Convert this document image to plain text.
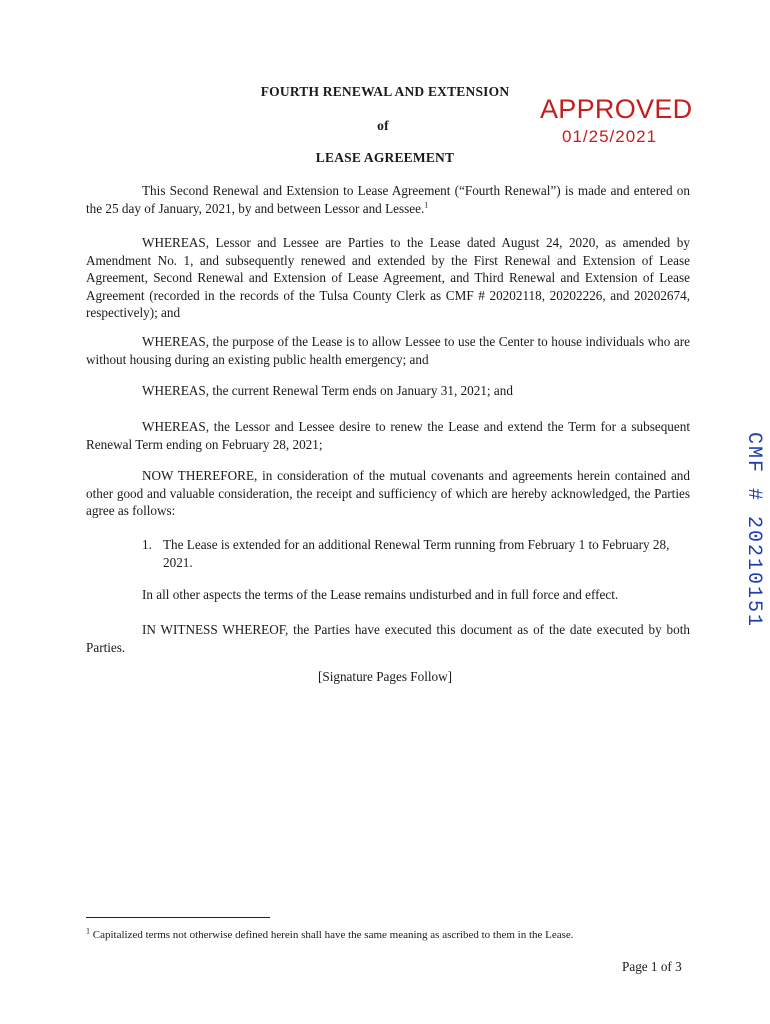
FOURTH RENEWAL AND EXTENSION
of
LEASE AGREEMENT
APPROVED
01/25/2021
CMF # 20210151
This Second Renewal and Extension to Lease Agreement (“Fourth Renewal”) is made and entered on the 25 day of January, 2021, by and between Lessor and Lessee.$^1$
WHEREAS, Lessor and Lessee are Parties to the Lease dated August 24, 2020, as amended by Amendment No. 1, and subsequently renewed and extended by the First Renewal and Extension of Lease Agreement, Second Renewal and Extension of Lease Agreement, and Third Renewal and Extension of Lease Agreement (recorded in the records of the Tulsa County Clerk as CMF # 20202118, 20202226, and 20202674, respectively); and
WHEREAS, the purpose of the Lease is to allow Lessee to use the Center to house individuals who are without housing during an existing public health emergency; and
WHEREAS, the current Renewal Term ends on January 31, 2021; and
WHEREAS, the Lessor and Lessee desire to renew the Lease and extend the Term for a subsequent Renewal Term ending on February 28, 2021;
NOW THEREFORE, in consideration of the mutual covenants and agreements herein contained and other good and valuable consideration, the receipt and sufficiency of which are hereby acknowledged, the Parties agree as follows:
1. The Lease is extended for an additional Renewal Term running from February 1 to February 28, 2021.
In all other aspects the terms of the Lease remains undisturbed and in full force and effect.
IN WITNESS WHEREOF, the Parties have executed this document as of the date executed by both Parties.
[Signature Pages Follow]
$^1$ Capitalized terms not otherwise defined herein shall have the same meaning as ascribed to them in the Lease.
Page 1 of 3
